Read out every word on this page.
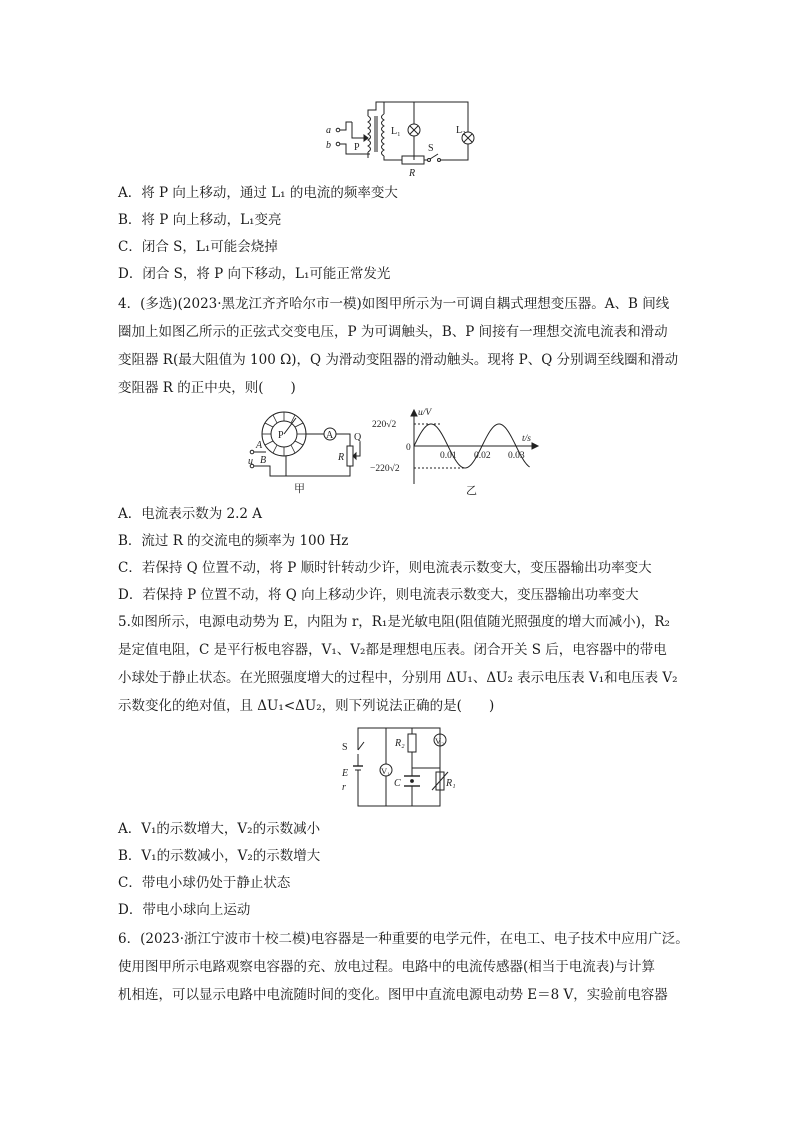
a
b
R
P
L₁	L₂
S
A．将 P 向上移动，通过 L₁ 的电流的频率变大
B．将 P 向上移动，L₁变亮
C．闭合 S，L₁可能会烧掉
D．闭合 S，将 P 向下移动，L₁可能正常发光
4．(多选)(2023·黑龙江齐齐哈尔市一模)如图甲所示为一可调自耦式理想变压器。A、B 间线
圈加上如图乙所示的正弦式交变电压，P 为可调触头，B、P 间接有一理想交流电流表和滑动
变阻器 R(最大阻值为 100 Ω)，Q 为滑动变阻器的滑动触头。现将 P、Q 分别调至线圈和滑动
变阻器 R 的正中央，则(　　)
A
B
u	R
P	A Q
甲
220√2
−220√2
0
0.01 0.02 0.03
乙
u/V
t/s
A．电流表示数为 2.2 A
B．流过 R 的交流电的频率为 100 Hz
C．若保持 Q 位置不动，将 P 顺时针转动少许，则电流表示数变大，变压器输出功率变大
D．若保持 P 位置不动，将 Q 向上移动少许，则电流表示数变大，变压器输出功率变大
5.如图所示，电源电动势为 E，内阻为 r，R₁是光敏电阻(阻值随光照强度的增大而减小)，R₂
是定值电阻，C 是平行板电容器，V₁、V₂都是理想电压表。闭合开关 S 后，电容器中的带电
小球处于静止状态。在光照强度增大的过程中，分别用 ΔU₁、ΔU₂ 表示电压表 V₁和电压表 V₂
示数变化的绝对值，且 ΔU₁<ΔU₂，则下列说法正确的是(　　)
S
V₁
V₂
E
r
R₂
C	R₁
A．V₁的示数增大，V₂的示数减小
B．V₁的示数减小，V₂的示数增大
C．带电小球仍处于静止状态
D．带电小球向上运动
6．(2023·浙江宁波市十校二模)电容器是一种重要的电学元件，在电工、电子技术中应用广泛。
使用图甲所示电路观察电容器的充、放电过程。电路中的电流传感器(相当于电流表)与计算
机相连，可以显示电路中电流随时间的变化。图甲中直流电源电动势 E＝8 V，实验前电容器
